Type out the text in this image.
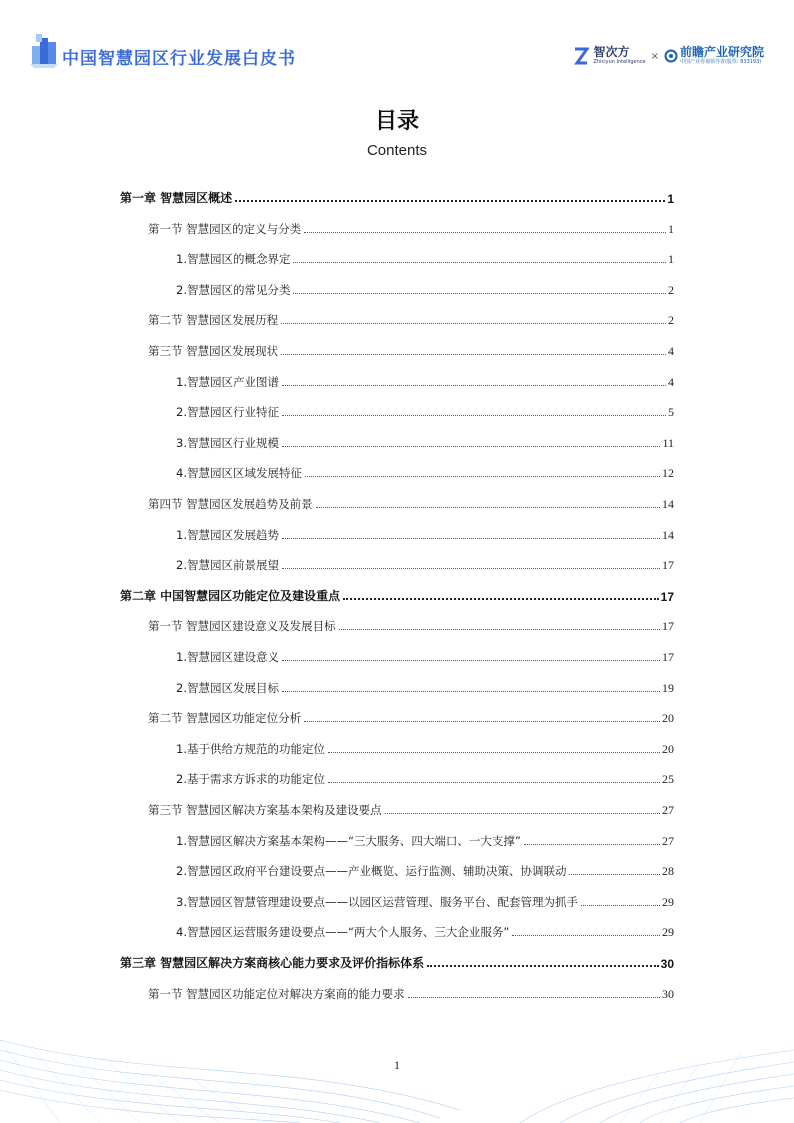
中国智慧园区行业发展白皮书	智次方
Zhiciyun Intelligence
× 前瞻产业研究院
中国产业咨询领导者(股票: 833193)
目录
Contents
第一章 智慧园区概述	1
第一节 智慧园区的定义与分类	1
1.智慧园区的概念界定	1
2.智慧园区的常见分类	2
第二节 智慧园区发展历程	2
第三节 智慧园区发展现状	4
1.智慧园区产业图谱	4
2.智慧园区行业特征	5
3.智慧园区行业规模	11
4.智慧园区区域发展特征	12
第四节 智慧园区发展趋势及前景	14
1.智慧园区发展趋势	14
2.智慧园区前景展望	17
第二章 中国智慧园区功能定位及建设重点	17
第一节 智慧园区建设意义及发展目标	17
1.智慧园区建设意义	17
2.智慧园区发展目标	19
第二节 智慧园区功能定位分析	20
1.基于供给方规范的功能定位	20
2.基于需求方诉求的功能定位	25
第三节 智慧园区解决方案基本架构及建设要点	27
1.智慧园区解决方案基本架构——“三大服务、四大端口、一大支撑”	27
2.智慧园区政府平台建设要点——产业概览、运行监测、辅助决策、协调联动	28
3.智慧园区智慧管理建设要点——以园区运营管理、服务平台、配套管理为抓手	29
4.智慧园区运营服务建设要点——“两大个人服务、三大企业服务”	29
第三章 智慧园区解决方案商核心能力要求及评价指标体系	30
第一节 智慧园区功能定位对解决方案商的能力要求	30
1
